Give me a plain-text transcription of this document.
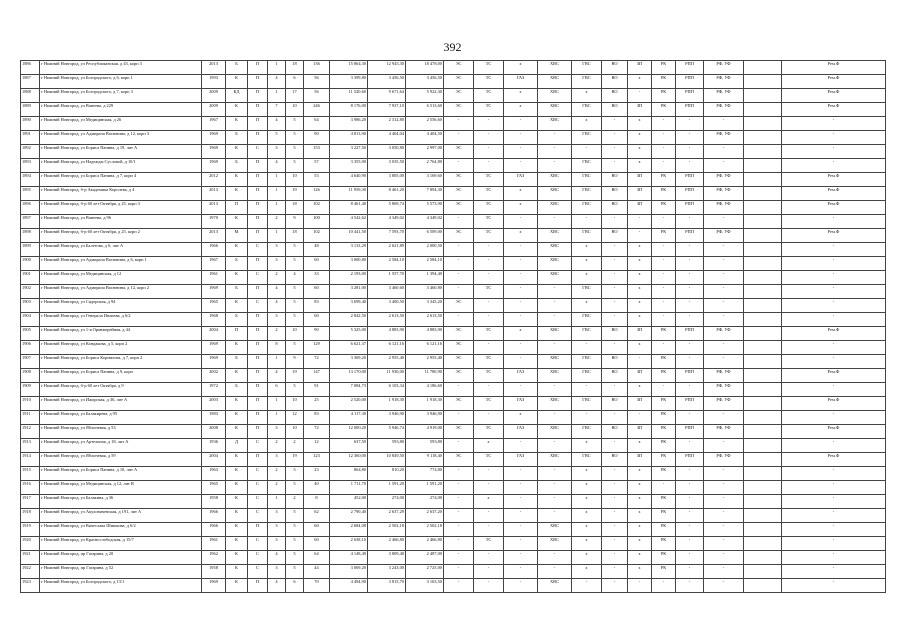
392
1886	г Нижний Новгород, ул Республиканская, д 43, корп 3	2013	Б	П	1	18	136	15 864,30	12 945,30	18 478,00	ЭС	ТС	х	ХВС	ГВС	ВО	ЗП	РК	РПП	РФ, УФ		Рем.Ф
1887	г Нижний Новгород, ул Богородского, д 6, корп 1	1993	К	П	4	6	56	3 399,80	3 456,50	3 456,50	ЭС	ТС	ГАЗ	ХВС	ГВС	ВО	х	РК	РПП	РФ, УФ		Рем.Ф
1888	г Нижний Новгород, ул Богородского, д 7, корп 3	2009	КД	П	1	17	56	11 520,60	9 671,64	5 922,30	ЭС	ТС	х	ХВС	х	ВО	-	РК	РПП	РФ, УФ		Рем.Ф
1889	г Нижний Новгород, ул Ванеева, д 229	2009	К	П	7	10	246	8 176,00	7 937,10	6 513,60	ЭС	ТС	х	ХВС	ГВС	ВО	ЗП	РК	РПП	РФ, УФ		Рем.Ф
1890	г Нижний Новгород, ул Медицинская, д 26	1967	К	П	4	5	64	3 986,20	2 312,80	2 556,60	-	-	-	ХВС	х	-	х	-	-	-		-
1891	г Нижний Новгород, ул Адмирала Васюнина, д 12, корп 3	1969	Б	П	5	5	90	4 813,90	4 404,04	4 404,50	-	-	-	-	ГВС	-	х	-	-	РФ, УФ		-
1892	г Нижний Новгород, ул Бориса Панина, д 19, лит А	1969	К	С	3	5	153	3 227,50	3 050,80	2 997,00	ЭС	-	-	-	-	-	х	-	-	-		-
1893	г Нижний Новгород, ул Надежды Сусловой, д 10/1	1969	Б	П	4	5	57	3 355,90	3 035,50	2 764,80	-	-	-	-	ГВС	-	х	-	-	-		-
1894	г Нижний Новгород, ул Бориса Панина, д 7, корп 4	2012	К	П	1	10	53	4 640,90	3 805,00	3 169,60	ЭС	ТС	ГАЗ	ХВС	ГВС	ВО	ЗП	РК	РПП	РФ, УФ		Рем.Ф
1895	г Нижний Новгород, б-р Академика Королева, д 4	2013	К	П	1	19	126	11 959,30	8 461,20	7 894,30	ЭС	ТС	х	ХВС	ГВС	ВО	ЗП	РК	РПП	РФ, УФ		Рем.Ф
1896	г Нижний Новгород, б-р 60 лет Октября, д 25, корп 3	2013	П	П	1	18	102	8 461,40	5 869,74	5 573,90	ЭС	ТС	х	ХВС	ГВС	ВО	ЗП	РК	РПП	РФ, УФ		Рем.Ф
1897	г Нижний Новгород, ул Ванеева, д 96	1970	К	П	2	9	100	4 542,62	4 349,02	4 349,02	-	ТС	-	-	-	-	-	-	-	-		-
1898	г Нижний Новгород, б-р 60 лет Октября, д 25, корп 2	2013	М	П	1	18	102	10 441,50	7 593,70	6 509,00	ЭС	ТС	х	ХВС	ГВС	ВО	-	РК	РПП	РФ, УФ		Рем.Ф
1899	г Нижний Новгород, ул Балетова, д 6, лит А	1966	К	С	3	5	48	3 133,29	2 621,89	2 000,50	-	-	-	ХВС	х	-	х	-	-	-		-
1900	г Нижний Новгород, ул Адмирала Васюнина, д 6, корп 1	1967	Б	П	3	5	60	3 000,80	2 584,10	2 584,10	-	-	-	ХВС	х	-	х	-	-	-		-
1901	г Нижний Новгород, ул Медицинская, д 12	1961	К	С	2	4	33	2 193,00	1 557,70	1 394,40	-	-	-	ХВС	х	-	х	-	-	-		-
1902	г Нижний Новгород, ул Адмирала Васюнина, д 12, корп 2	1969	Б	П	4	5	60	3 281,00	3 460,60	3 460,80	-	ТС	-	-	ГВС	-	х	-	-	-		-
1903	г Нижний Новгород, ул Сядорская, д 94	1965	К	С	4	5	83	3 699,40	3 400,50	3 345,20	ЭС	-	-	-	х	-	х	-	-	-		-
1904	г Нижний Новгород, ул Генерала Ивлиева, д 6/2	1968	Б	П	3	5	60	2 842,50	2 613,50	2 613,50	-	-	-	-	ГВС	-	х	-	-	-		-
1905	г Нижний Новгород, ул 1-я Оранжерейная, д 44	2004	П	П	2	10	90	5 325,00	4 883,90	4 883,90	ЭС	ТС	х	ХВС	ГВС	ВО	ЗП	РК	РПП	РФ, УФ		Рем.Ф
1906	г Нижний Новгород, ул Кондакова, д 5, корп 2	1969	К	П	8	5	129	6 621,37	6 121,16	6 121,16	ЭС	-	-	-	-	-	х	-	-	-		-
1907	г Нижний Новгород, ул Бориса Корнилова, д 7, корп 2	1969	Б	П	1	9	72	3 369,20	2 955,40	2 955,40	ЭС	ТС	-	ХВС	ГВС	ВО	-	РК	-	-		-
1908	г Нижний Новгород, ул Бориса Панина, д 9, корп	2002	К	П	4	19	147	13 170,00	11 930,00	11 780,90	ЭС	ТС	ГАЗ	ХВС	ГВС	ВО	ЗП	РК	РПП	РФ, УФ		Рем.Ф
1909	г Нижний Новгород, б-р 60 лет Октября, д 9	1972	Б	П	6	5	91	7 084,73	6 103,34	4 186,60	-	-	-	-	-	-	х	-	-	РФ, УФ		-
1910	г Нижний Новгород, ул Ижорская, д 36, лит А	2003	К	П	1	10	25	2 520,00	1 918,30	1 918,30	ЭС	ТС	ГАЗ	ХВС	ГВС	ВО	ЗП	РК	РПП	РФ, УФ		Рем.Ф
1911	г Нижний Новгород, ул Балакирева, д 95	1983	К	П	1	12	83	4 117,30	3 946,90	3 946,90	-	-	х	-	-	-	-	РК	-	-		-
1912	г Нижний Новгород, ул Яблоневая, д 53	2008	К	П	3	10	72	12 000,20	5 946,74	4 919,00	ЭС	ТС	ГАЗ	ХВС	ГВС	ВО	ЗП	РК	РПП	РФ, УФ		Рем.Ф
1913	г Нижний Новгород, ул Артельная, д 18, лит А	1936	Д	С	2	2	12	637,50	593,80	593,80	-	х	-	-	х	-	х	РК	-	-		-
1914	г Нижний Новгород, ул Яблоневая, д 59	2004	К	П	3	19	123	12 360,00	10 849,50	9 118,40	ЭС	ТС	ГАЗ	ХВС	ГВС	ВО	ЗП	РК	РПП	РФ, УФ		Рем.Ф
1915	г Нижний Новгород, ул Бориса Панина, д 10, лит А	1963	К	С	2	3	23	864,80	810,20	774,80	-	-	-	-	х	-	х	РК	-	-		-
1916	г Нижний Новгород, ул Медицинская, д 12, лит В	1965	К	С	2	5	40	1 711,70	1 591,20	1 591,20	-	-	-	-	х	-	х	-	-	-		-
1917	г Нижний Новгород, ул Балакина, д 36	1958	К	С	1	2	8	452,00	274,00	274,00	-	х	-	-	х	-	х	РК	-	-		-
1918	г Нижний Новгород, ул Акуловичевская, д 191, лит А	1966	К	С	3	5	62	2 790,40	2 637,29	2 637,20	-	-	-	-	х	-	х	РК	-	-		-
1919	г Нижний Новгород, ул Вячеслава Шишкова, д 6/2	1966	К	П	3	5	60	2 684,08	2 502,18	2 502,18	-	-	-	ХВС	х	-	х	РК	-	-		-
1920	г Нижний Новгород, ул Краснослободская, д 15/7	1961	К	С	3	5	60	2 638,10	2 466,80	2 466,80	-	ТС	-	ХВС	х	-	х	РК	-	-		-
1921	г Нижний Новгород, пр Гагарина, д 20	1962	К	С	4	5	64	4 148,49	3 809,40	2 487,00	-	-	-	-	х	-	х	РК	-	-		-
1922	г Нижний Новгород, пр Гагарина, д 52	1958	К	С	3	5	44	3 069,20	3 243,00	2 725,00	-	-	-	-	х	-	х	РК	-	-		-
1923	г Нижний Новгород, ул Богородского, д 13/1	1969	К	П	4	6	70	4 494,90	3 815,70	3 163,50	-	-	-	ХВС	-	-	-	-	-	-		-
